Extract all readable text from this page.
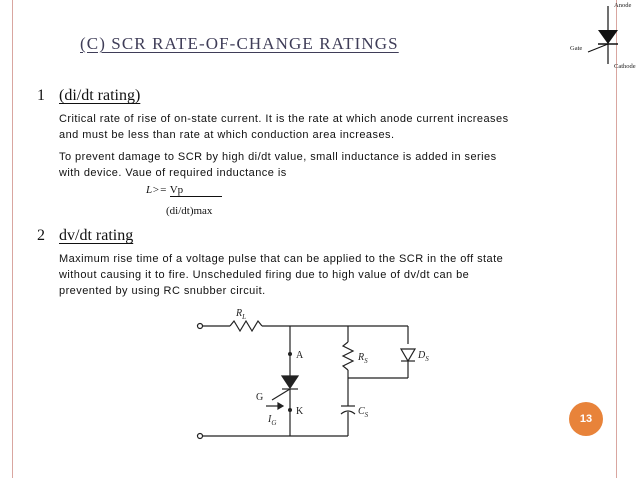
(C) SCR RATE-OF-CHANGE RATINGS
Anode
Gate
Cathode
1 (di/dt rating)
Critical rate of rise of on-state current. It is the rate at which anode current increases
and must be less than rate at which conduction area increases.
To prevent damage to SCR by high di/dt value, small inductance is added in series
with device. Vaue of required inductance is
L>= Vp
(di/dt)max
2 dv/dt rating
Maximum rise time of a voltage pulse that can be applied to the SCR in the off state
without causing it to fire. Unscheduled firing due to high value of dv/dt can be
prevented by using RC snubber circuit.
$R_L$
A
K
G
$I_G$
$R_S$	$D_S$
$C_S$	13
